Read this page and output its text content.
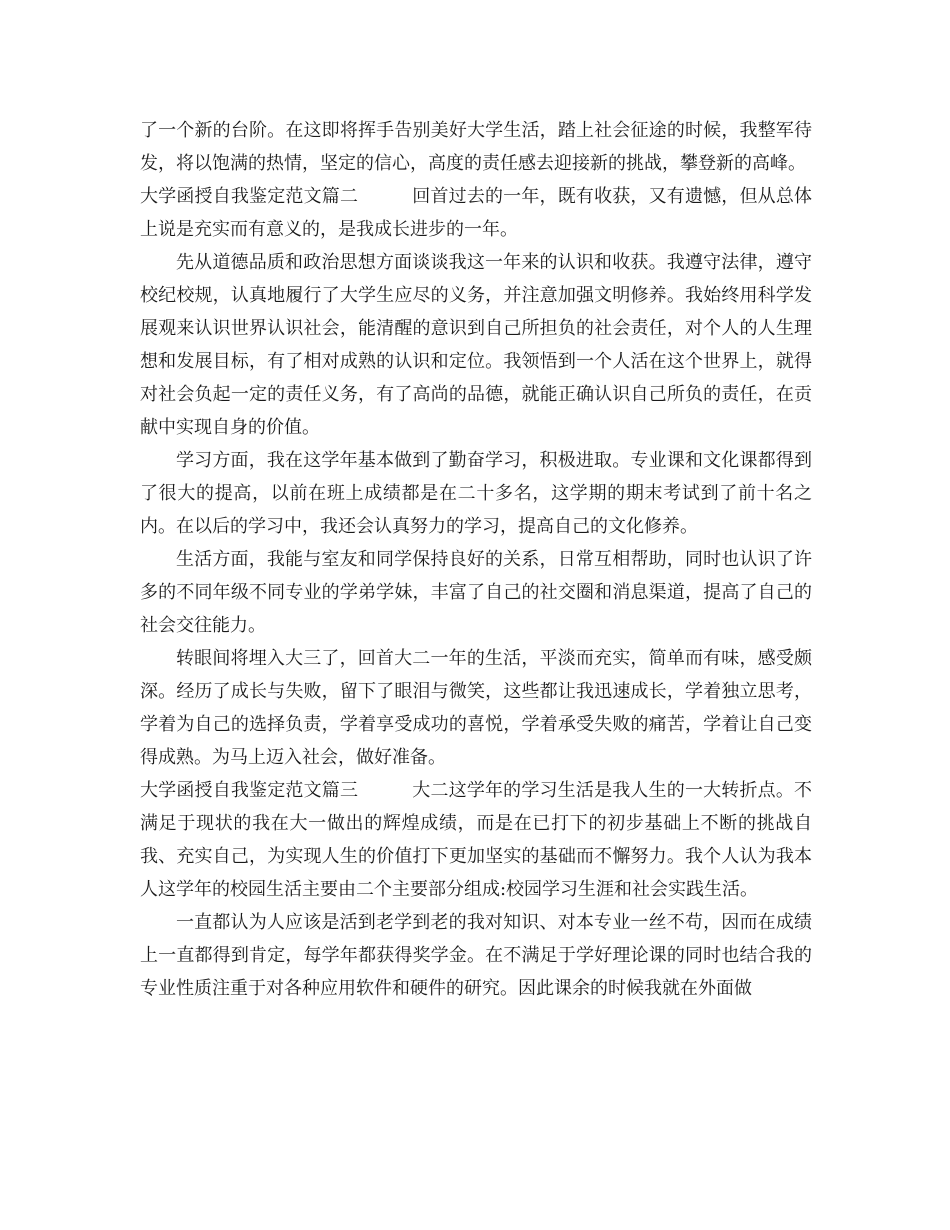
了一个新的台阶。在这即将挥手告别美好大学生活，踏上社会征途的时候，我整军待发，将以饱满的热情，坚定的信心，高度的责任感去迎接新的挑战，攀登新的高峰。

大学函授自我鉴定范文篇二	回首过去的一年，既有收获，又有遗憾，但从总体上说是充实而有意义的，是我成长进步的一年。

先从道德品质和政治思想方面谈谈我这一年来的认识和收获。我遵守法律，遵守校纪校规，认真地履行了大学生应尽的义务，并注意加强文明修养。我始终用科学发展观来认识世界认识社会，能清醒的意识到自己所担负的社会责任，对个人的人生理想和发展目标，有了相对成熟的认识和定位。我领悟到一个人活在这个世界上，就得对社会负起一定的责任义务，有了高尚的品德，就能正确认识自己所负的责任，在贡献中实现自身的价值。

学习方面，我在这学年基本做到了勤奋学习，积极进取。专业课和文化课都得到了很大的提高，以前在班上成绩都是在二十多名，这学期的期末考试到了前十名之内。在以后的学习中，我还会认真努力的学习，提高自己的文化修养。

生活方面，我能与室友和同学保持良好的关系，日常互相帮助，同时也认识了许多的不同年级不同专业的学弟学妹，丰富了自己的社交圈和消息渠道，提高了自己的社会交往能力。

转眼间将埋入大三了，回首大二一年的生活，平淡而充实，简单而有味，感受颇深。经历了成长与失败，留下了眼泪与微笑，这些都让我迅速成长，学着独立思考，学着为自己的选择负责，学着享受成功的喜悦，学着承受失败的痛苦，学着让自己变得成熟。为马上迈入社会，做好准备。

大学函授自我鉴定范文篇三	大二这学年的学习生活是我人生的一大转折点。不满足于现状的我在大一做出的辉煌成绩，而是在已打下的初步基础上不断的挑战自我、充实自己，为实现人生的价值打下更加坚实的基础而不懈努力。我个人认为我本人这学年的校园生活主要由二个主要部分组成:校园学习生涯和社会实践生活。

一直都认为人应该是活到老学到老的我对知识、对本专业一丝不苟，因而在成绩上一直都得到肯定，每学年都获得奖学金。在不满足于学好理论课的同时也结合我的专业性质注重于对各种应用软件和硬件的研究。因此课余的时候我就在外面做
